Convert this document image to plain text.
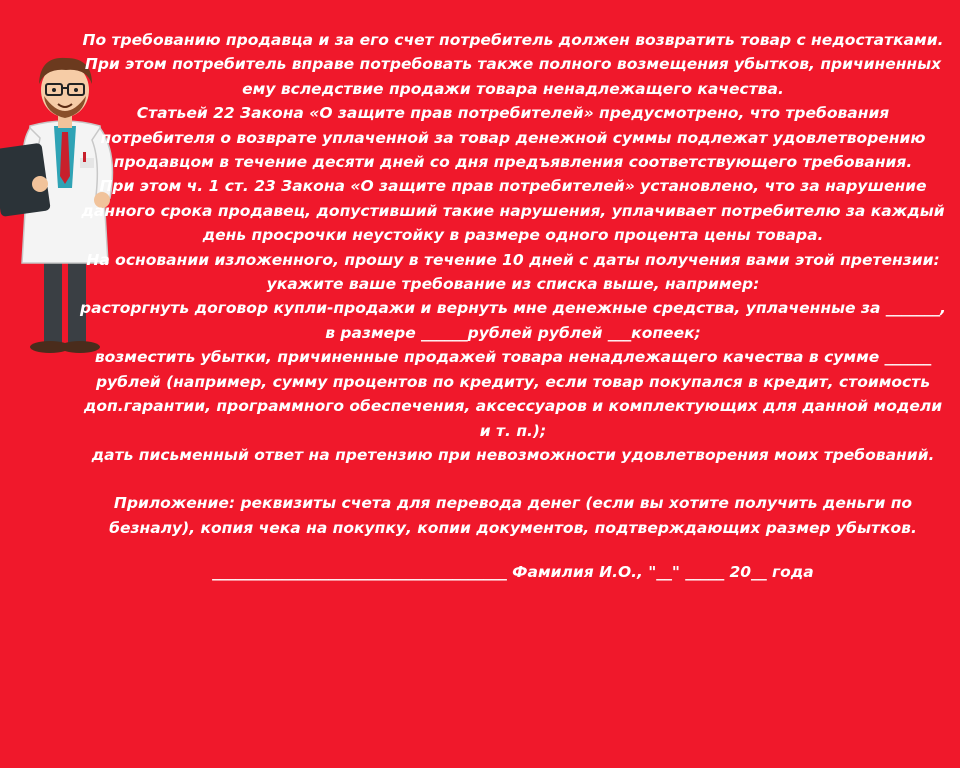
По требованию продавца и за его счет потребитель должен возвратить товар с недостатками.

При этом потребитель вправе потребовать также полного возмещения убытков, причиненных ему вследствие продажи товара ненадлежащего качества.

Статьей 22 Закона «О защите прав потребителей» предусмотрено, что требования потребителя о возврате уплаченной за товар денежной суммы подлежат удовлетворению продавцом в течение десяти дней со дня предъявления соответствующего требования.

При этом ч. 1 ст. 23 Закона «О защите прав потребителей» установлено, что за нарушение данного срока продавец, допустивший такие нарушения, уплачивает потребителю за каждый день просрочки неустойку в размере одного процента цены товара.

На основании изложенного, прошу в течение 10 дней с даты получения вами этой претензии:

укажите ваше требование из списка выше, например:

расторгнуть договор купли-продажи и вернуть мне денежные средства, уплаченные за _______, в размере ______рублей рублей ___копеек;

возместить убытки, причиненные продажей товара ненадлежащего качества в сумме ______ рублей (например, сумму процентов по кредиту, если товар покупался в кредит, стоимость доп.гарантии, программного обеспечения, аксессуаров и комплектующих для данной модели и т. п.);

дать письменный ответ на претензию при невозможности удовлетворения моих требований.

Приложение: реквизиты счета для перевода денег (если вы хотите получить деньги по безналу), копия чека на покупку, копии документов, подтверждающих размер убытков.

______________________________________ Фамилия И.О., "__" _____ 20__ года
